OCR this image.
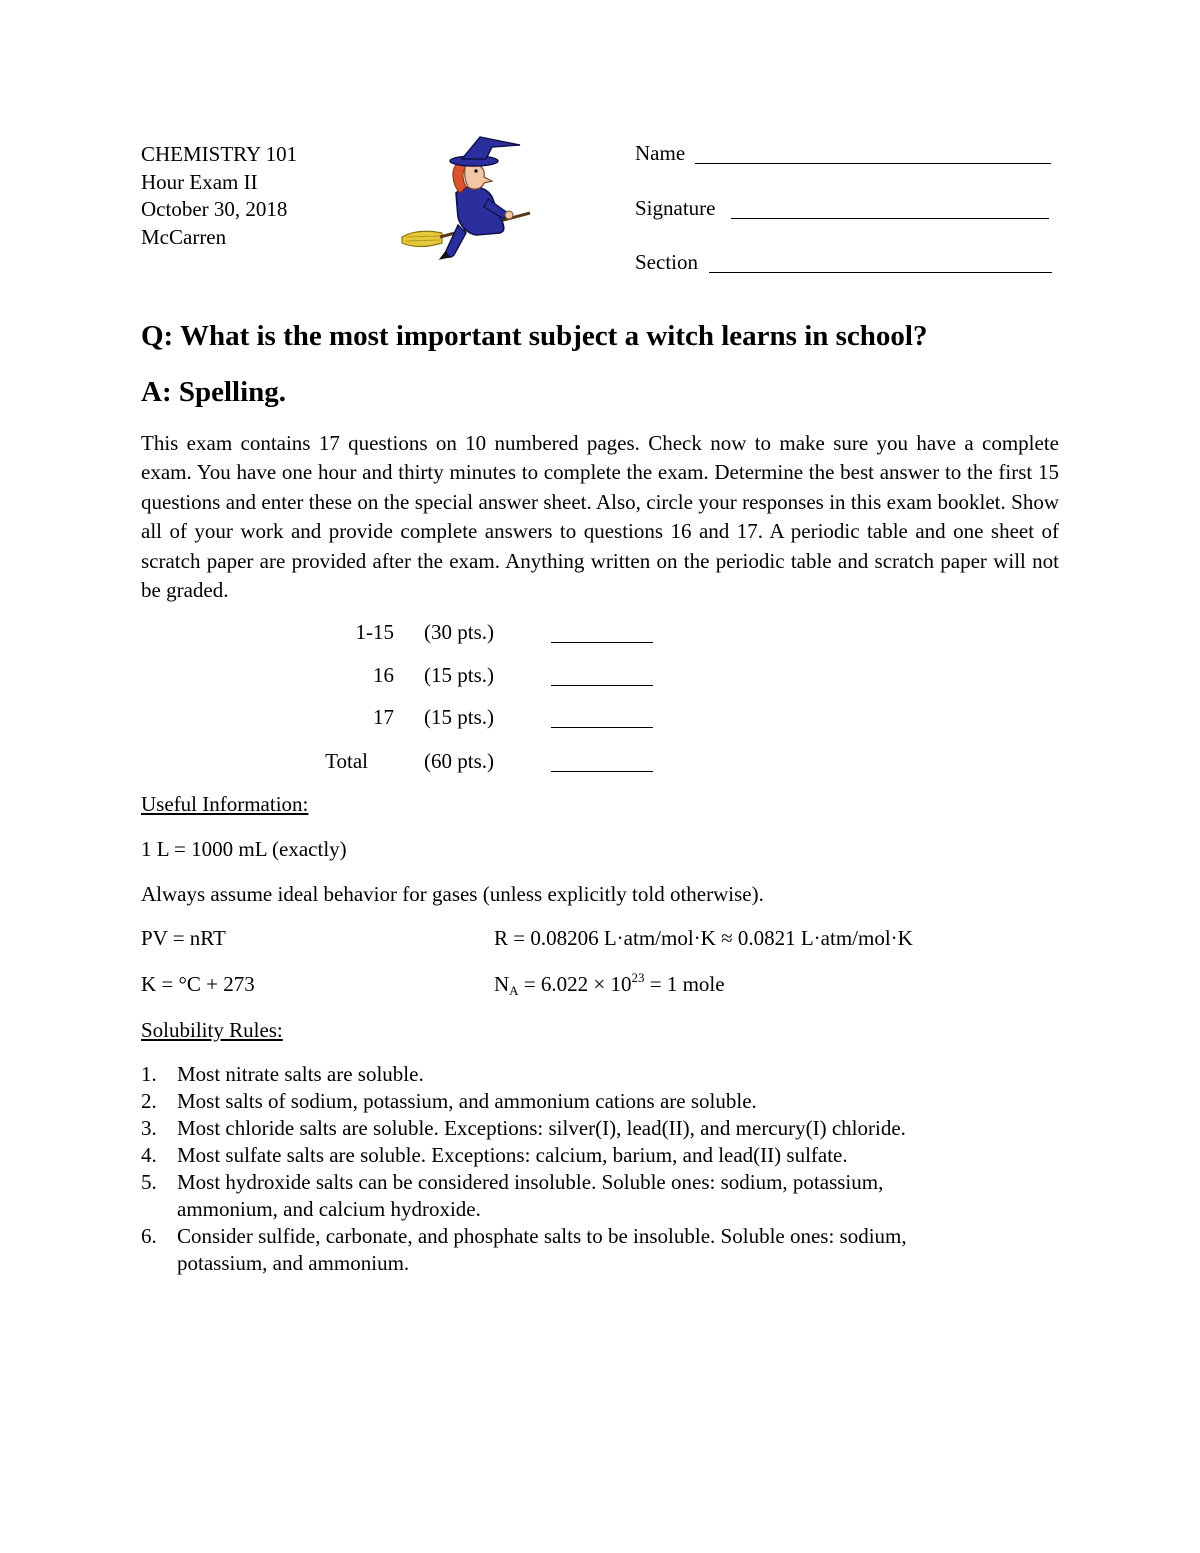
CHEMISTRY 101
Hour Exam II
October 30, 2018
McCarren
Name
Signature
Section
Q: What is the most important subject a witch learns in school?
A: Spelling.
This exam contains 17 questions on 10 numbered pages. Check now to make sure you have a complete exam. You have one hour and thirty minutes to complete the exam. Determine the best answer to the first 15 questions and enter these on the special answer sheet. Also, circle your responses in this exam booklet. Show all of your work and provide complete answers to questions 16 and 17. A periodic table and one sheet of scratch paper are provided after the exam. Anything written on the periodic table and scratch paper will not be graded.
1-15 (30 pts.)
16 (15 pts.)
17 (15 pts.)
Total	(60 pts.)
Useful Information:
1 L = 1000 mL (exactly)
Always assume ideal behavior for gases (unless explicitly told otherwise).
PV = nRT	R = 0.08206 L·atm/mol·K ≈ 0.0821 L·atm/mol·K
K = °C + 273	$N_A = 6.022 \times 10^{23} = 1$ mole
Solubility Rules:
1. Most nitrate salts are soluble.
2. Most salts of sodium, potassium, and ammonium cations are soluble.
3. Most chloride salts are soluble. Exceptions: silver(I), lead(II), and mercury(I) chloride.
4. Most sulfate salts are soluble. Exceptions: calcium, barium, and lead(II) sulfate.
5. Most hydroxide salts can be considered insoluble. Soluble ones: sodium, potassium,
ammonium, and calcium hydroxide.
6. Consider sulfide, carbonate, and phosphate salts to be insoluble. Soluble ones: sodium,
potassium, and ammonium.
